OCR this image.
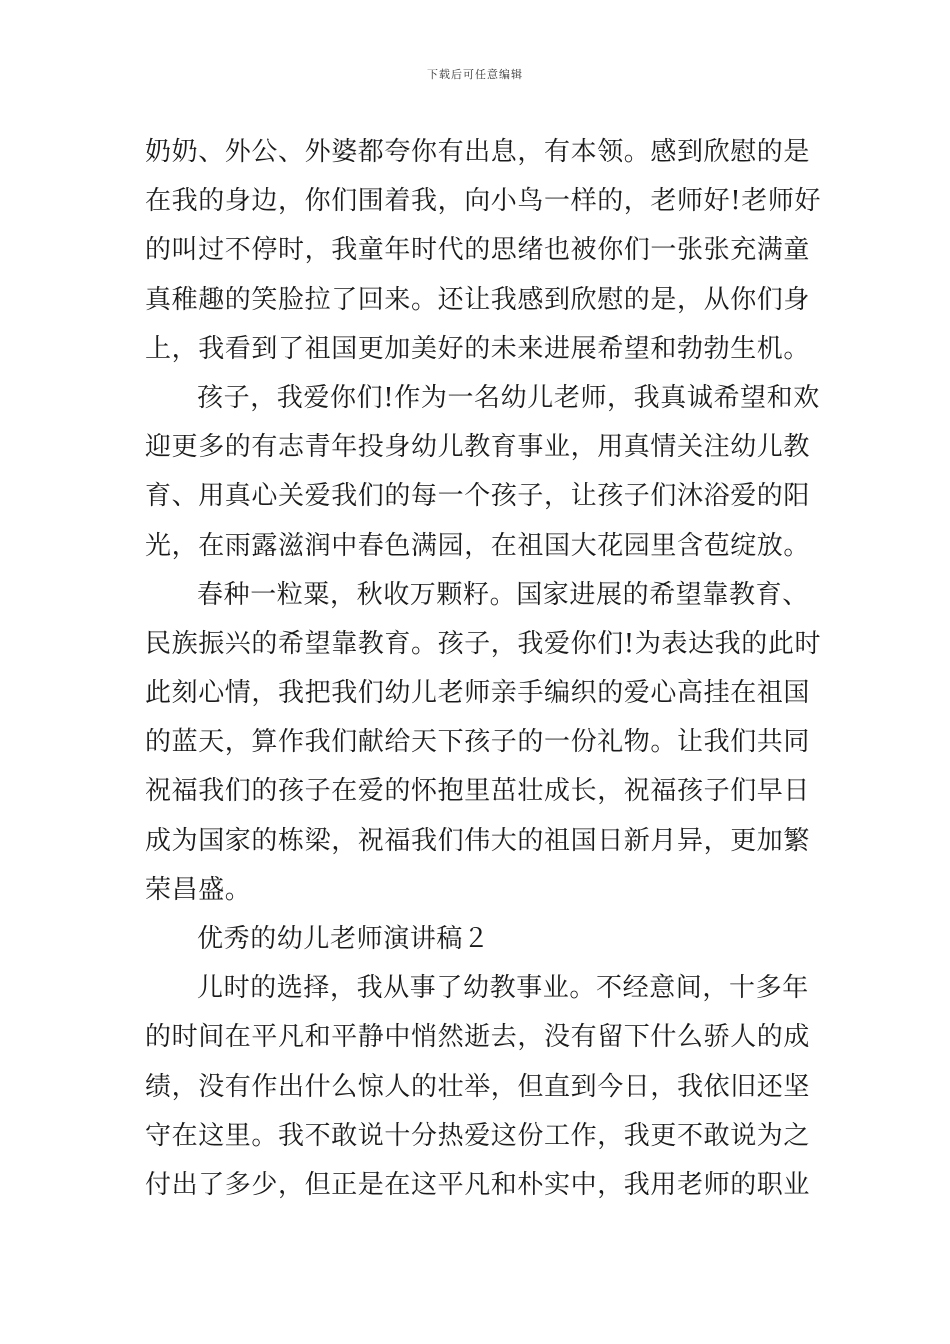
下载后可任意编辑
奶奶、外公、外婆都夸你有出息，有本领。感到欣慰的是
在我的身边，你们围着我，向小鸟一样的，老师好!老师好
的叫过不停时，我童年时代的思绪也被你们一张张充满童
真稚趣的笑脸拉了回来。还让我感到欣慰的是，从你们身
上，我看到了祖国更加美好的未来进展希望和勃勃生机。
孩子，我爱你们!作为一名幼儿老师，我真诚希望和欢
迎更多的有志青年投身幼儿教育事业，用真情关注幼儿教
育、用真心关爱我们的每一个孩子，让孩子们沐浴爱的阳
光，在雨露滋润中春色满园，在祖国大花园里含苞绽放。
春种一粒粟，秋收万颗籽。国家进展的希望靠教育、
民族振兴的希望靠教育。孩子，我爱你们!为表达我的此时
此刻心情，我把我们幼儿老师亲手编织的爱心高挂在祖国
的蓝天，算作我们献给天下孩子的一份礼物。让我们共同
祝福我们的孩子在爱的怀抱里茁壮成长，祝福孩子们早日
成为国家的栋梁，祝福我们伟大的祖国日新月异，更加繁
荣昌盛。
优秀的幼儿老师演讲稿２
儿时的选择，我从事了幼教事业。不经意间，十多年
的时间在平凡和平静中悄然逝去，没有留下什么骄人的成
绩，没有作出什么惊人的壮举，但直到今日，我依旧还坚
守在这里。我不敢说十分热爱这份工作，我更不敢说为之
付出了多少，但正是在这平凡和朴实中，我用老师的职业
